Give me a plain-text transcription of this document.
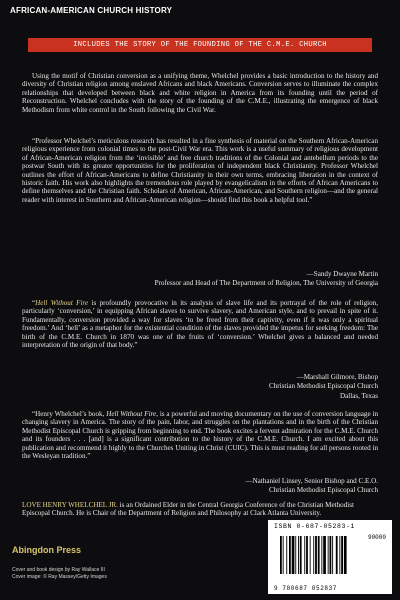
AFRICAN-AMERICAN CHURCH HISTORY
INCLUDES THE STORY OF THE FOUNDING OF THE C.M.E. CHURCH

Using the motif of Christian conversion as a unifying theme, Whelchel provides a basic introduction to the history and diversity of Christian religion among enslaved Africans and black Americans. Conversion serves to illuminate the complex relationships that developed between black and white religion in America from its founding until the period of Reconstruction. Whelchel concludes with the story of the founding of the C.M.E., illustrating the emergence of black Methodism from white control in the South following the Civil War.

“Professor Whelchel’s meticulous research has resulted in a fine synthesis of material on the Southern African-American religious experience from colonial times to the post-Civil War era. This work is a useful summary of religious development of African-American religion from the ‘invisible’ and free church traditions of the Colonial and antebellum periods to the postwar South with its greater opportunities for the proliferation of independent black Christianity. Professor Whelchel outlines the effort of African-Americans to define Christianity in their own terms, embracing liberation in the context of historic faith. His work also highlights the tremendous role played by evangelicalism in the efforts of African Americans to define themselves and the Christian faith. Scholars of American, African-American, and Southern religion—and the general reader with interest in Southern and African-American religion—should find this book a helpful tool.”

—Sandy Dwayne Martin
Professor and Head of The Department of Religion, The University of Georgia

“Hell Without Fire is profoundly provocative in its analysis of slave life and its portrayal of the role of religion, particularly ‘conversion,’ in equipping African slaves to survive slavery, and American style, and to prevail in spite of it. Fundamentally, conversion provided a way for slaves ‘to be freed from their captivity, even if it was only a spiritual freedom.’ And ‘hell’ as a metaphor for the existential condition of the slaves provided the impetus for seeking freedom: The birth of the C.M.E. Church in 1870 was one of the fruits of ‘conversion.’ Whelchel gives a balanced and needed interpretation of the origin of that body.”

—Marshall Gilmore, Bishop
Christian Methodist Episcopal Church
Dallas, Texas

“Henry Whelchel’s book, Hell Without Fire, is a powerful and moving documentary on the use of conversion language in changing slavery in America. The story of the pain, labor, and struggles on the plantations and in the birth of the Christian Methodist Episcopal Church is gripping from beginning to end. The book excites a fervent admiration for the C.M.E. Church and its founders . . . [and] is a significant contribution to the history of the C.M.E. Church. I am excited about this publication and recommend it highly to the Churches Uniting in Christ (CUIC). This is must reading for all persons rooted in the Wesleyan tradition.”

—Nathaniel Linsey, Senior Bishop and C.E.O.
Christian Methodist Episcopal Church
LOVE HENRY WHELCHEL JR. is an Ordained Elder in the Central Georgia Conference of the Christian Methodist Episcopal Church. He is Chair of the Department of Religion and Philosophy at Clark Atlanta University.
Abingdon Press
Cover and book design by Ray Wallace III
Cover image: © Ray Massey/Getty Images
ISBN 0-687-05283-1
90000
9 780687 052837
